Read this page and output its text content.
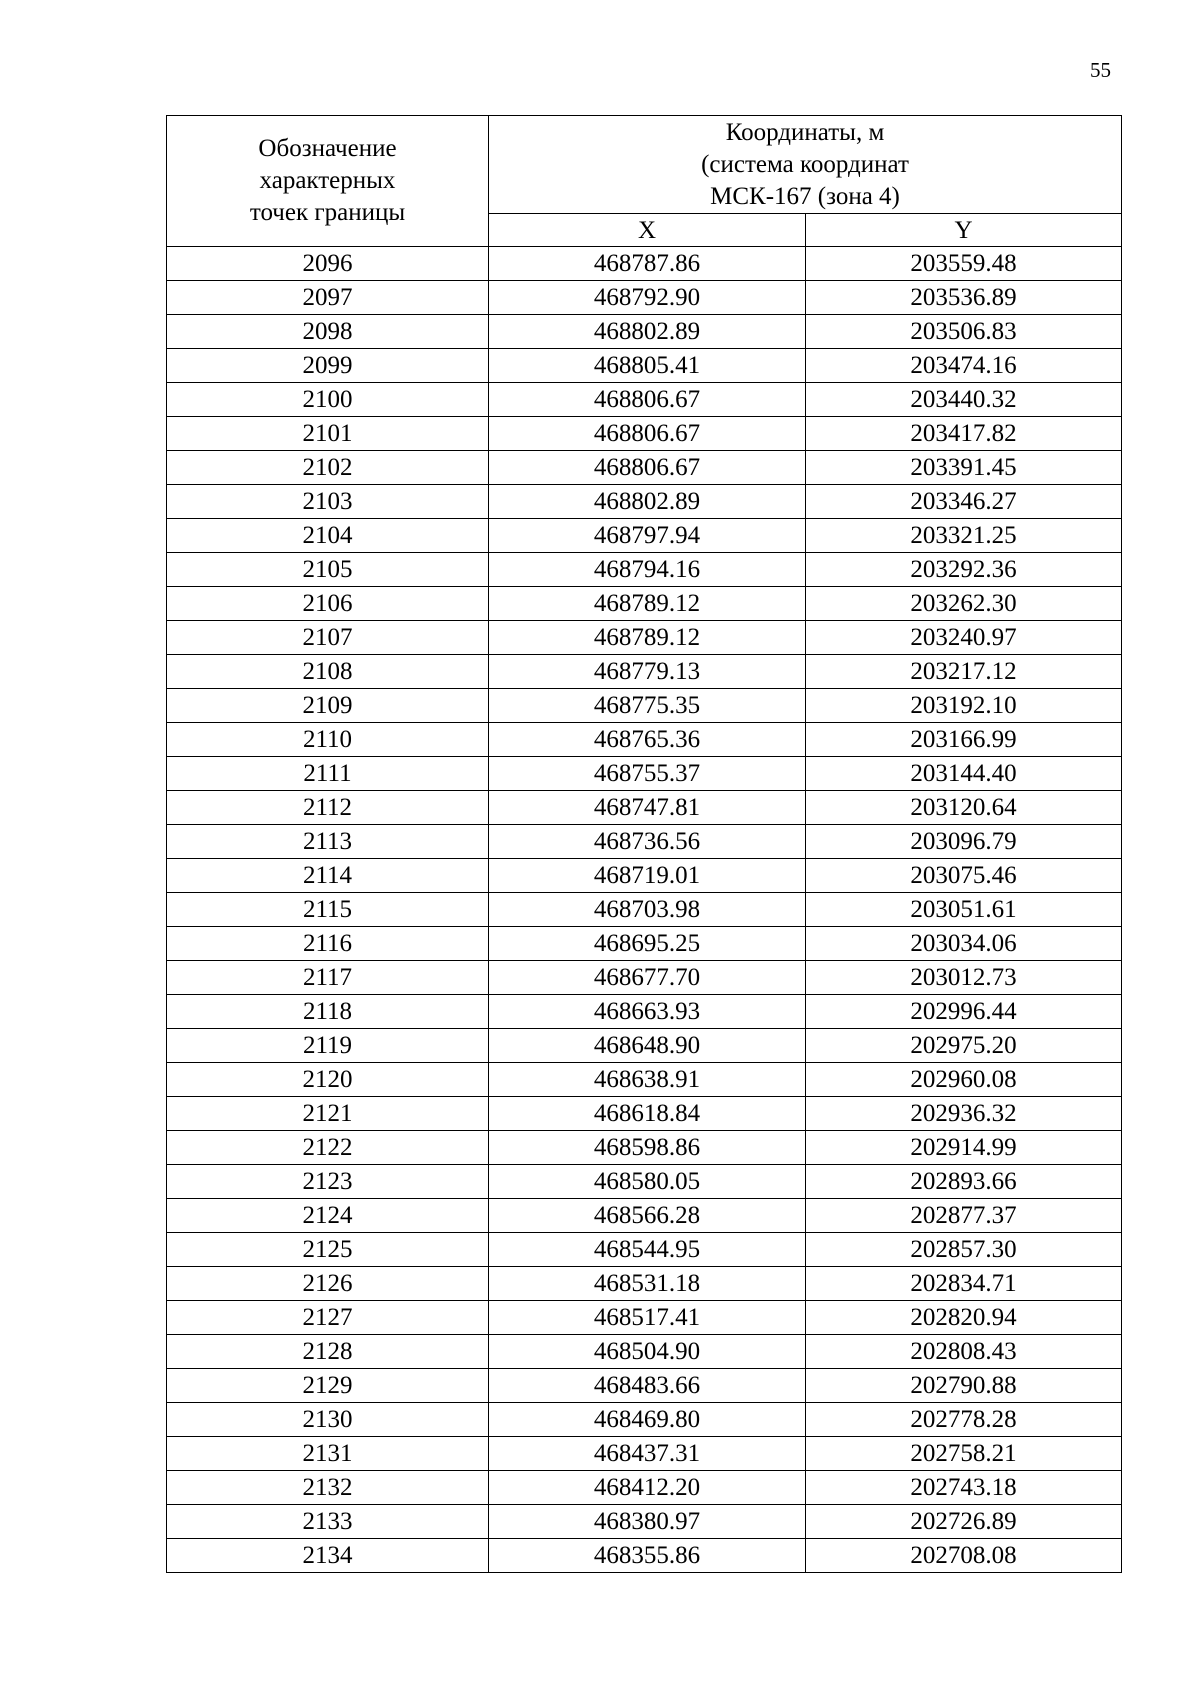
55
Обозначение
характерных
точек границы	Координаты, м
(система координат
МСК-167 (зона 4)	

	X	Y
2096	468787.86	203559.48
2097	468792.90	203536.89
2098	468802.89	203506.83
2099	468805.41	203474.16
2100	468806.67	203440.32
2101	468806.67	203417.82
2102	468806.67	203391.45
2103	468802.89	203346.27
2104	468797.94	203321.25
2105	468794.16	203292.36
2106	468789.12	203262.30
2107	468789.12	203240.97
2108	468779.13	203217.12
2109	468775.35	203192.10
2110	468765.36	203166.99
2111	468755.37	203144.40
2112	468747.81	203120.64
2113	468736.56	203096.79
2114	468719.01	203075.46
2115	468703.98	203051.61
2116	468695.25	203034.06
2117	468677.70	203012.73
2118	468663.93	202996.44
2119	468648.90	202975.20
2120	468638.91	202960.08
2121	468618.84	202936.32
2122	468598.86	202914.99
2123	468580.05	202893.66
2124	468566.28	202877.37
2125	468544.95	202857.30
2126	468531.18	202834.71
2127	468517.41	202820.94
2128	468504.90	202808.43
2129	468483.66	202790.88
2130	468469.80	202778.28
2131	468437.31	202758.21
2132	468412.20	202743.18
2133	468380.97	202726.89
2134	468355.86	202708.08
